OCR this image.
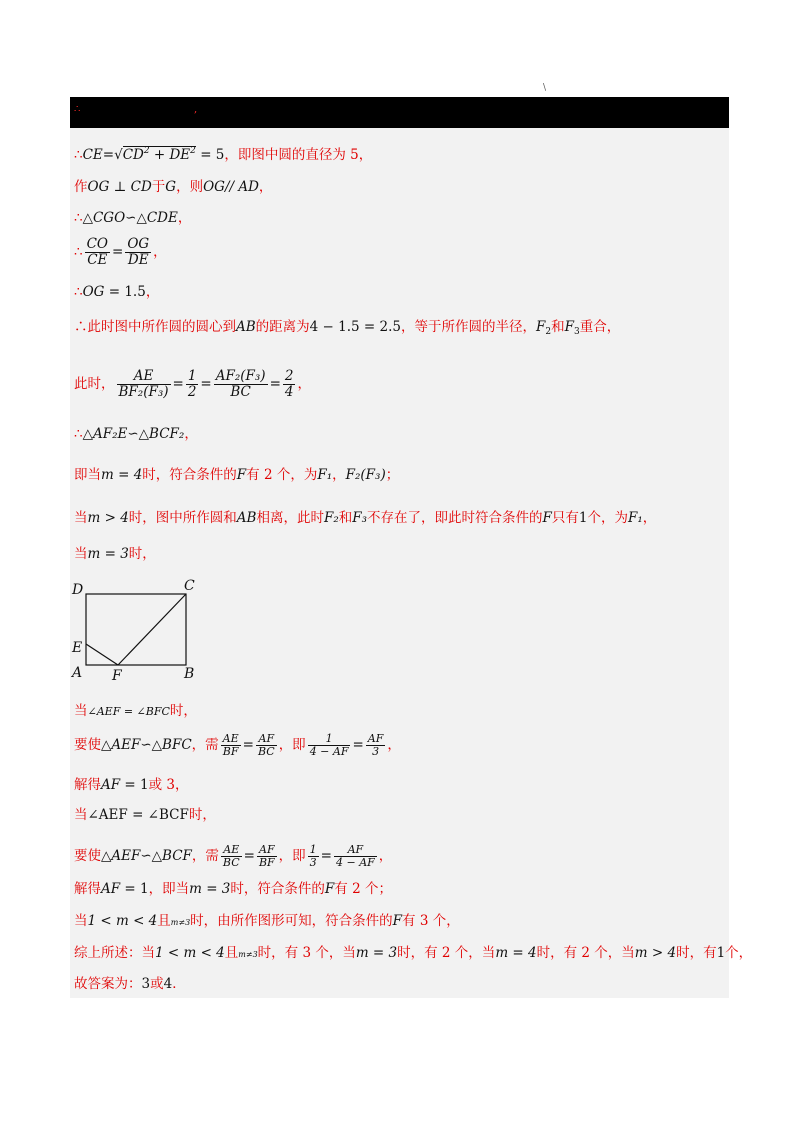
\
∴	,
$\therefore CE=√CD^2 + DE^2 = 5$，即图中圆的直径为 5，
作OG ⊥ CD于G，则OG// AD，
∴△CGO∽△CDE，
∴ $\frac{CO}{CE} = \frac{OG}{DE}$ ，
∴OG = 1.5，
∴此时图中所作圆的圆心到AB的距离为4 − 1.5 = 2.5，等于所作圆的半径，$F_2$和$F_3$重合，
此时， $\frac{AE}{\text{BF₂(F₃)}} = \frac{1}{2} = \frac{\text{AF₂(F₃)}}{BC} = \frac{2}{4}$ ，
∴△AF₂E∽△BCF₂，
即当m = 4时，符合条件的F有 2 个，为F₁，F₂(F₃)；
当m > 4时，图中所作圆和AB相离，此时F₂和F₃不存在了，即此时符合条件的F只有1个，为F₁，
当m = 3时，
D	C
E
A F	B
当∠AEF = ∠BFC时，
要使△AEF∽△BFC，需 $\frac{AE}{BF} = \frac{AF}{BC}$ ，即 $\frac{1}{4 - AF} = \frac{AF}{3}$ ，
解得AF = 1或 3，
当∠AEF = ∠BCF时，
要使△AEF∽△BCF，需 $\frac{AE}{BC} = \frac{AF}{BF}$ ，即 $\frac{1}{3} = \frac{AF}{4 - AF}$ ，
解得AF = 1，即当m = 3时，符合条件的F有 2 个；
当1 < m < 4且m≠3时，由所作图形可知，符合条件的F有 3 个，
综上所述：当1 < m < 4且m≠3时，有 3 个，当m = 3时，有 2 个，当m = 4时，有 2 个，当m > 4时，有1个，
故答案为：3或4．
